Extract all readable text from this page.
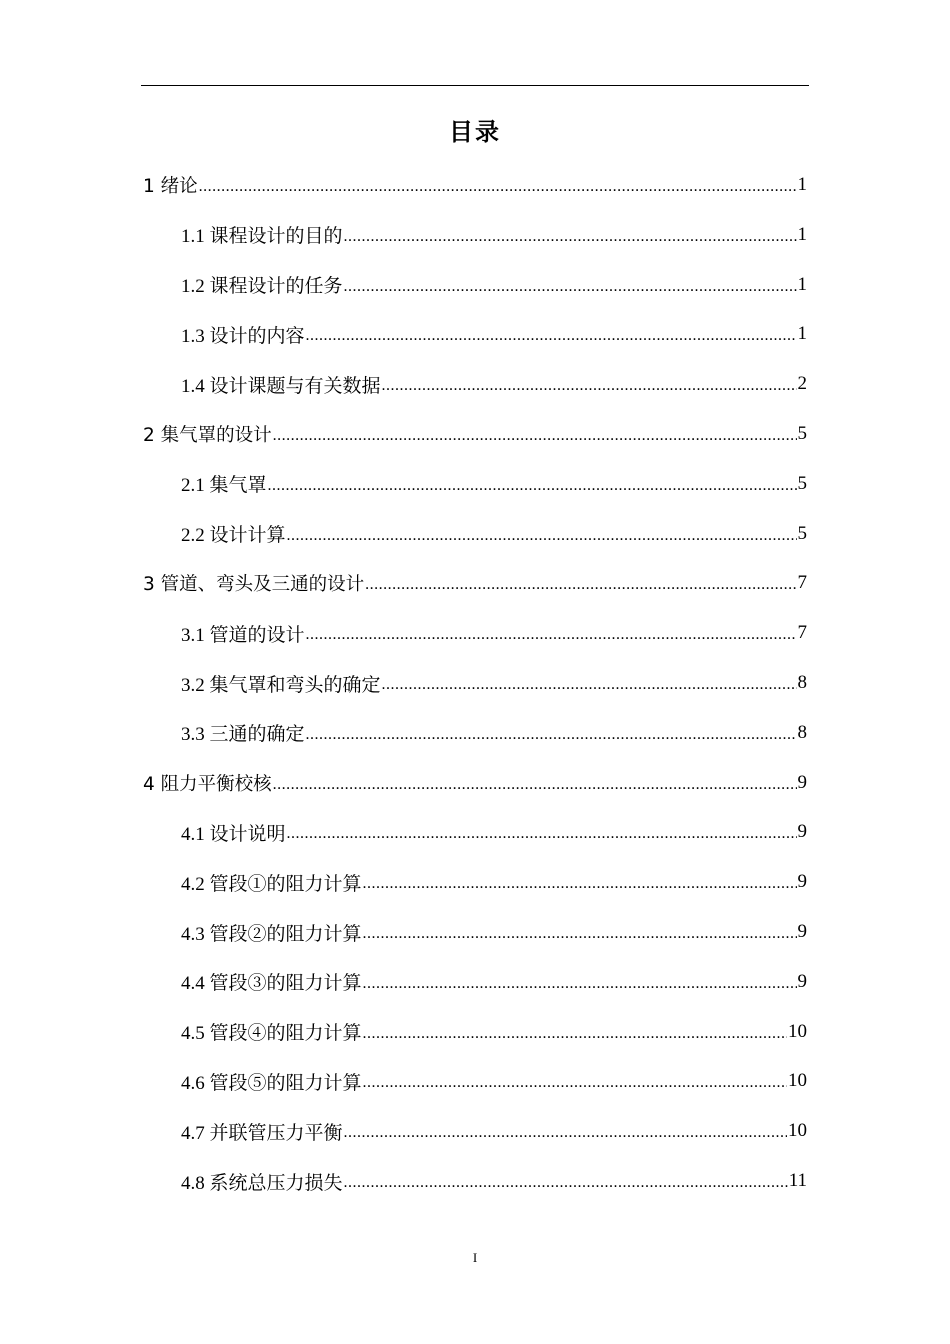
目录
1 绪论 .....	1
1.1 课程设计的目的 .....	1
1.2 课程设计的任务 .....	1
1.3 设计的内容 .....	1
1.4 设计课题与有关数据 .....	2
2 集气罩的设计 .....	5
2.1 集气罩 .....	5
2.2 设计计算 .....	5
3 管道、弯头及三通的设计 .....	7
3.1 管道的设计 .....	7
3.2 集气罩和弯头的确定 .....	8
3.3 三通的确定 .....	8
4 阻力平衡校核 .....	9
4.1 设计说明 .....	9
4.2 管段①的阻力计算 .....	9
4.3 管段②的阻力计算 .....	9
4.4 管段③的阻力计算 .....	9
4.5 管段④的阻力计算 .....	10
4.6 管段⑤的阻力计算 .....	10
4.7 并联管压力平衡 .....	10
4.8 系统总压力损失 .....	11
I
